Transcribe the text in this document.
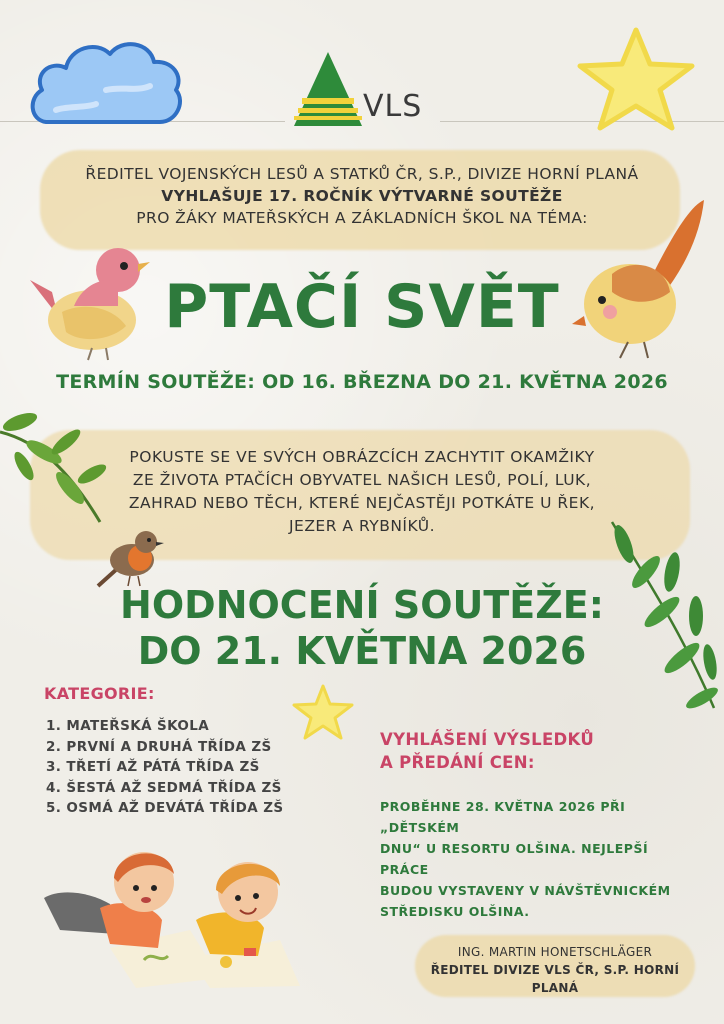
VLS
ŘEDITEL VOJENSKÝCH LESŮ A STATKŮ ČR, S.P., DIVIZE HORNÍ PLANÁ
VYHLAŠUJE 17. ROČNÍK VÝTVARNÉ SOUTĚŽE
PRO ŽÁKY MATEŘSKÝCH A ZÁKLADNÍCH ŠKOL NA TÉMA:
PTAČÍ SVĚT
TERMÍN SOUTĚŽE: OD 16. BŘEZNA DO 21. KVĚTNA 2026
POKUSTE SE VE SVÝCH OBRÁZCÍCH ZACHYTIT OKAMŽIKY
ZE ŽIVOTA PTAČÍCH OBYVATEL NAŠICH LESŮ, POLÍ, LUK,
ZAHRAD NEBO TĚCH, KTERÉ NEJČASTĚJI POTKÁTE U ŘEK,
JEZER A RYBNÍKŮ.
HODNOCENÍ SOUTĚŽE:
DO 21. KVĚTNA 2026
KATEGORIE:
1. MATEŘSKÁ ŠKOLA
2. PRVNÍ A DRUHÁ TŘÍDA ZŠ
3. TŘETÍ AŽ PÁTÁ TŘÍDA ZŠ
4. ŠESTÁ AŽ SEDMÁ TŘÍDA ZŠ
5. OSMÁ AŽ DEVÁTÁ TŘÍDA ZŠ
VYHLÁŠENÍ VÝSLEDKŮ
A PŘEDÁNÍ CEN:
PROBĚHNE 28. KVĚTNA 2026 PŘI „DĚTSKÉM
DNU“ U RESORTU OLŠINA. NEJLEPŠÍ PRÁCE
BUDOU VYSTAVENY V NÁVŠTĚVNICKÉM
STŘEDISKU OLŠINA.
ING. MARTIN HONETSCHLÄGER
ŘEDITEL DIVIZE VLS ČR, S.P. HORNÍ PLANÁ
